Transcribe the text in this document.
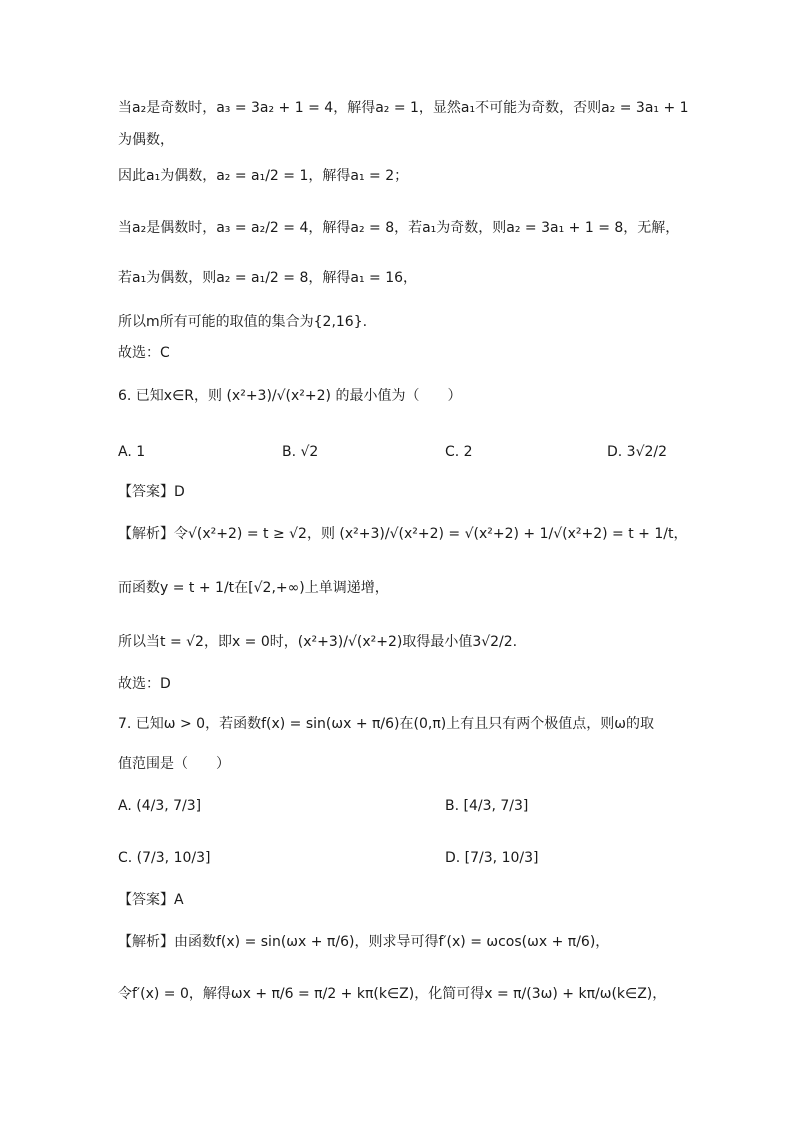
当a₂是奇数时，a₃ = 3a₂ + 1 = 4，解得a₂ = 1，显然a₁不可能为奇数，否则a₂ = 3a₁ + 1
为偶数，
因此a₁为偶数，a₂ = a₁/2 = 1，解得a₁ = 2；
当a₂是偶数时，a₃ = a₂/2 = 4，解得a₂ = 8，若a₁为奇数，则a₂ = 3a₁ + 1 = 8，无解，
若a₁为偶数，则a₂ = a₁/2 = 8，解得a₁ = 16，
所以m所有可能的取值的集合为{2,16}.
故选：C
6. 已知x∈R，则 (x²+3)/√(x²+2) 的最小值为（　　）
A. 1	B. √2	C. 2	D. 3√2/2
【答案】D
【解析】令√(x²+2) = t ≥ √2，则 (x²+3)/√(x²+2) = √(x²+2) + 1/√(x²+2) = t + 1/t，
而函数y = t + 1/t在[√2,+∞)上单调递增，
所以当t = √2，即x = 0时，(x²+3)/√(x²+2)取得最小值3√2/2.
故选：D
7. 已知ω > 0，若函数f(x) = sin(ωx + π/6)在(0,π)上有且只有两个极值点，则ω的取
值范围是（　　）
A. (4/3, 7/3]	B. [4/3, 7/3]
C. (7/3, 10/3]	D. [7/3, 10/3]
【答案】A
【解析】由函数f(x) = sin(ωx + π/6)，则求导可得f′(x) = ωcos(ωx + π/6)，
令f′(x) = 0，解得ωx + π/6 = π/2 + kπ(k∈Z)，化简可得x = π/(3ω) + kπ/ω(k∈Z)，
